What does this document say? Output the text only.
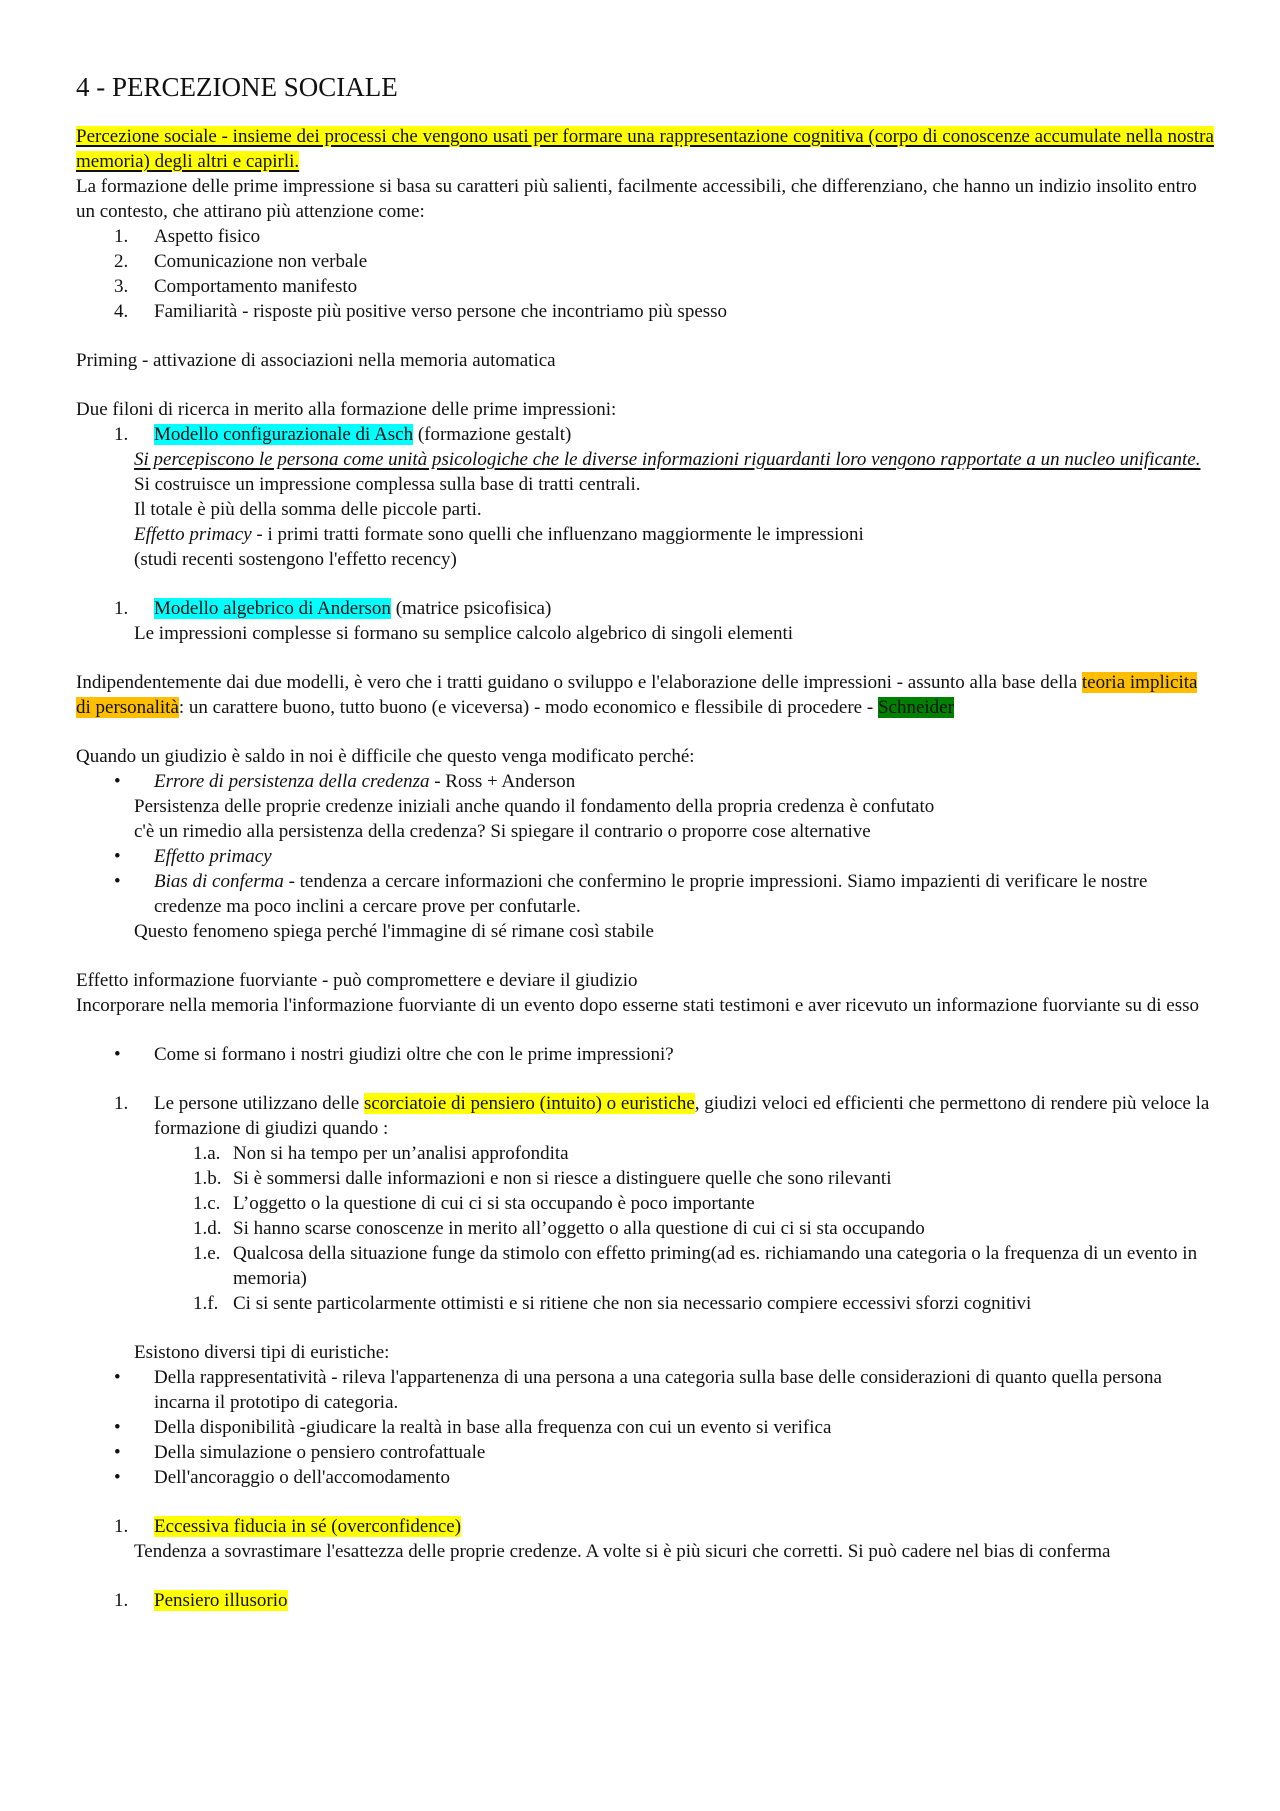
4 - PERCEZIONE SOCIALE

Percezione sociale - insieme dei processi che vengono usati per formare una rappresentazione cognitiva (corpo di conoscenze accumulate nella nostra memoria) degli altri e capirli.

La formazione delle prime impressione si basa su caratteri più salienti, facilmente accessibili, che differenziano, che hanno un indizio insolito entro un contesto, che attirano più attenzione come:

1. Aspetto fisico
2. Comunicazione non verbale
3. Comportamento manifesto
4. Familiarità - risposte più positive verso persone che incontriamo più spesso

Priming - attivazione di associazioni nella memoria automatica

Due filoni di ricerca in merito alla formazione delle prime impressioni:

1. Modello configurazionale di Asch (formazione gestalt)

Si percepiscono le persona come unità psicologiche che le diverse informazioni riguardanti loro vengono rapportate a un nucleo unificante.

Si costruisce un impressione complessa sulla base di tratti centrali.

Il totale è più della somma delle piccole parti.

Effetto primacy - i primi tratti formate sono quelli che influenzano maggiormente le impressioni

(studi recenti sostengono l'effetto recency)

1. Modello algebrico di Anderson (matrice psicofisica)

Le impressioni complesse si formano su semplice calcolo algebrico di singoli elementi

Indipendentemente dai due modelli, è vero che i tratti guidano o sviluppo e l'elaborazione delle impressioni - assunto alla base della teoria implicita di personalità: un carattere buono, tutto buono (e viceversa) - modo economico e flessibile di procedere - Schneider

Quando un giudizio è saldo in noi è difficile che questo venga modificato perché:

• Errore di persistenza della credenza - Ross + Anderson

Persistenza delle proprie credenze iniziali anche quando il fondamento della propria credenza è confutato

c'è un rimedio alla persistenza della credenza? Si spiegare il contrario o proporre cose alternative

• Effetto primacy
• Bias di conferma - tendenza a cercare informazioni che confermino le proprie impressioni. Siamo impazienti di verificare le nostre credenze ma poco inclini a cercare prove per confutarle.

Questo fenomeno spiega perché l'immagine di sé rimane così stabile

Effetto informazione fuorviante - può compromettere e deviare il giudizio

Incorporare nella memoria l'informazione fuorviante di un evento dopo esserne stati testimoni e aver ricevuto un informazione fuorviante su di esso

• Come si formano i nostri giudizi oltre che con le prime impressioni?
1. Le persone utilizzano delle scorciatoie di pensiero (intuito) o euristiche, giudizi veloci ed efficienti che permettono di rendere più veloce la formazione di giudizi quando :
1.a. Non si ha tempo per un’analisi approfondita
1.b. Si è sommersi dalle informazioni e non si riesce a distinguere quelle che sono rilevanti
1.c. L’oggetto o la questione di cui ci si sta occupando è poco importante
1.d. Si hanno scarse conoscenze in merito all’oggetto o alla questione di cui ci si sta occupando
1.e. Qualcosa della situazione funge da stimolo con effetto priming(ad es. richiamando una categoria o la frequenza di un evento in memoria)
1.f. Ci si sente particolarmente ottimisti e si ritiene che non sia necessario compiere eccessivi sforzi cognitivi

Esistono diversi tipi di euristiche:

• Della rappresentatività - rileva l'appartenenza di una persona a una categoria sulla base delle considerazioni di quanto quella persona incarna il prototipo di categoria.
• Della disponibilità -giudicare la realtà in base alla frequenza con cui un evento si verifica
• Della simulazione o pensiero controfattuale
• Dell'ancoraggio o dell'accomodamento
1. Eccessiva fiducia in sé (overconfidence)

Tendenza a sovrastimare l'esattezza delle proprie credenze. A volte si è più sicuri che corretti. Si può cadere nel bias di conferma

1. Pensiero illusorio
